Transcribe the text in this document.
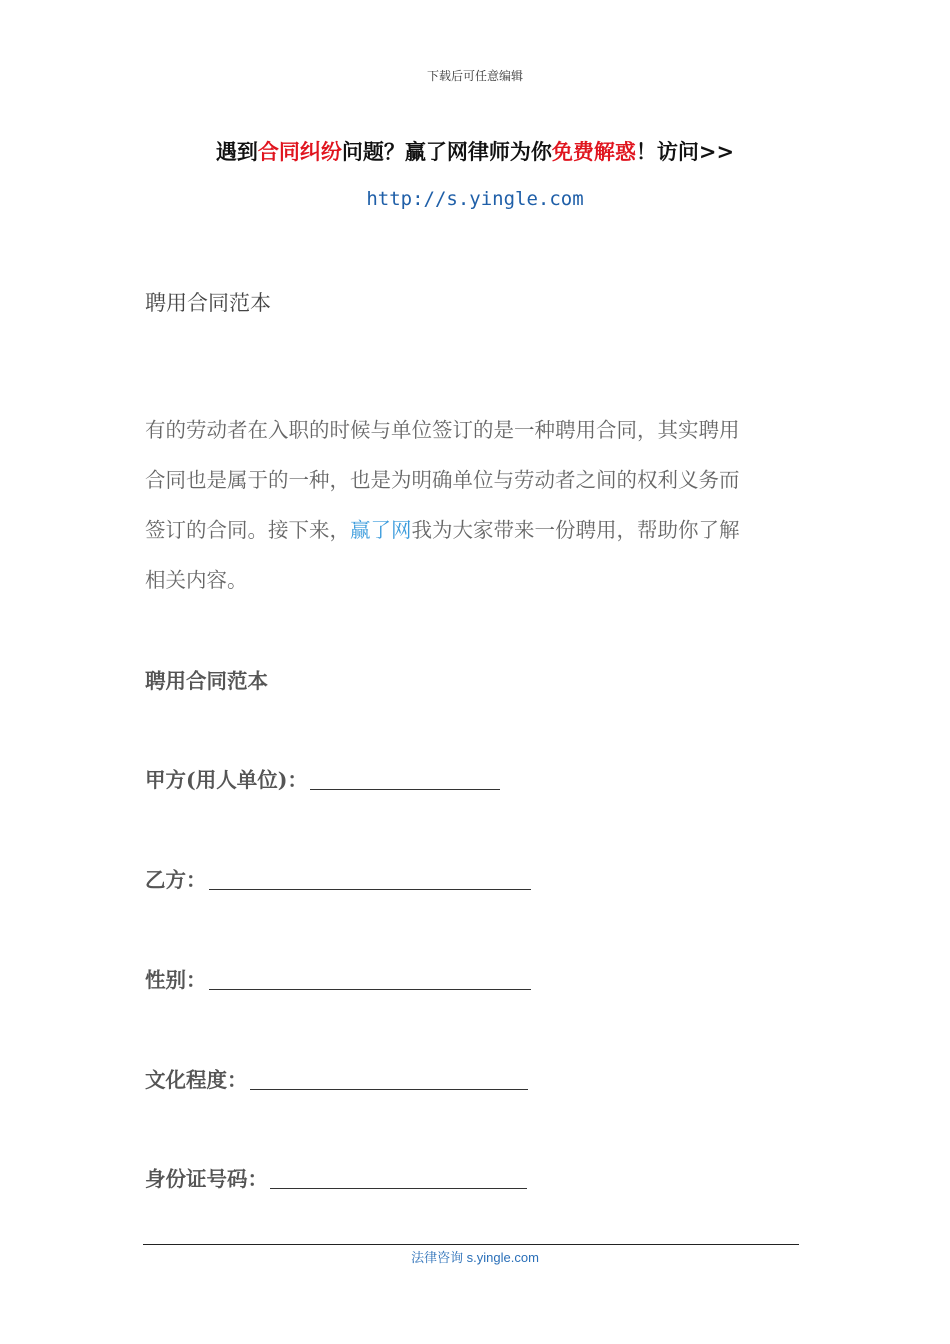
下载后可任意编辑
遇到合同纠纷问题？赢了网律师为你免费解惑！访问>>
http://s.yingle.com
聘用合同范本
有的劳动者在入职的时候与单位签订的是一种聘用合同，其实聘用
合同也是属于的一种，也是为明确单位与劳动者之间的权利义务而
签订的合同。接下来，赢了网我为大家带来一份聘用，帮助你了解
相关内容。
聘用合同范本
甲方(用人单位)：
乙方：
性别：
文化程度：
身份证号码：
法律咨询 s.yingle.com
